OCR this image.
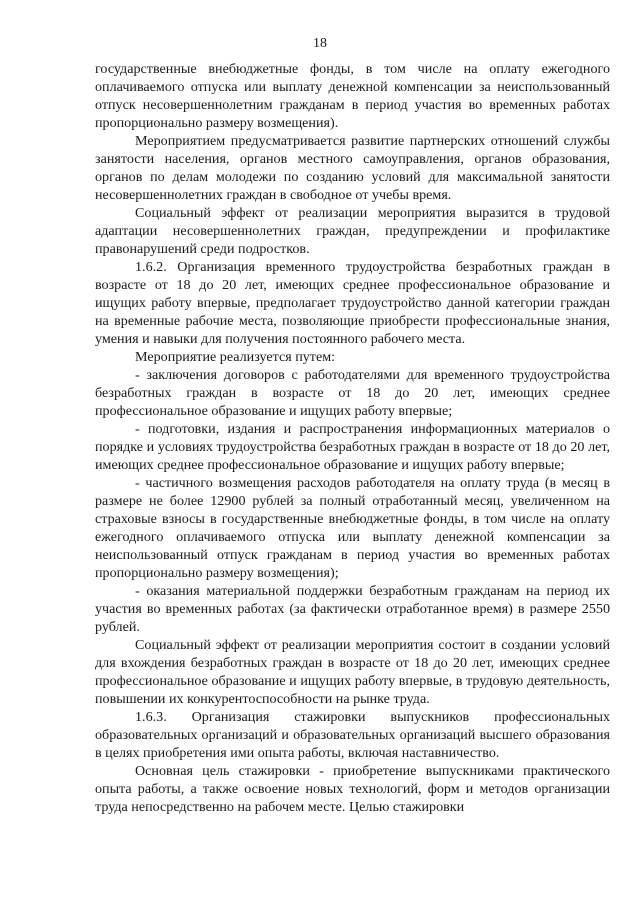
18

государственные внебюджетные фонды, в том числе на оплату ежегодного оплачиваемого отпуска или выплату денежной компенсации за неиспользованный отпуск несовершеннолетним гражданам в период участия во временных работах пропорционально размеру возмещения).

Мероприятием предусматривается развитие партнерских отношений службы занятости населения, органов местного самоуправления, органов образования, органов по делам молодежи по созданию условий для максимальной занятости несовершеннолетних граждан в свободное от учебы время.

Социальный эффект от реализации мероприятия выразится в трудовой адаптации несовершеннолетних граждан, предупреждении и профилактике правонарушений среди подростков.

1.6.2. Организация временного трудоустройства безработных граждан в возрасте от 18 до 20 лет, имеющих среднее профессиональное образование и ищущих работу впервые, предполагает трудоустройство данной категории граждан на временные рабочие места, позволяющие приобрести профессиональные знания, умения и навыки для получения постоянного рабочего места.

Мероприятие реализуется путем:

- заключения договоров с работодателями для временного трудоустройства безработных граждан в возрасте от 18 до 20 лет, имеющих среднее профессиональное образование и ищущих работу впервые;

- подготовки, издания и распространения информационных материалов о порядке и условиях трудоустройства безработных граждан в возрасте от 18 до 20 лет, имеющих среднее профессиональное образование и ищущих работу впервые;

- частичного возмещения расходов работодателя на оплату труда (в месяц в размере не более 12900 рублей за полный отработанный месяц, увеличенном на страховые взносы в государственные внебюджетные фонды, в том числе на оплату ежегодного оплачиваемого отпуска или выплату денежной компенсации за неиспользованный отпуск гражданам в период участия во временных работах пропорционально размеру возмещения);

- оказания материальной поддержки безработным гражданам на период их участия во временных работах (за фактически отработанное время) в размере 2550 рублей.

Социальный эффект от реализации мероприятия состоит в создании условий для вхождения безработных граждан в возрасте от 18 до 20 лет, имеющих среднее профессиональное образование и ищущих работу впервые, в трудовую деятельность, повышении их конкурентоспособности на рынке труда.

1.6.3. Организация стажировки выпускников профессиональных образовательных организаций и образовательных организаций высшего образования в целях приобретения ими опыта работы, включая наставничество.

Основная цель стажировки - приобретение выпускниками практического опыта работы, а также освоение новых технологий, форм и методов организации труда непосредственно на рабочем месте. Целью стажировки
